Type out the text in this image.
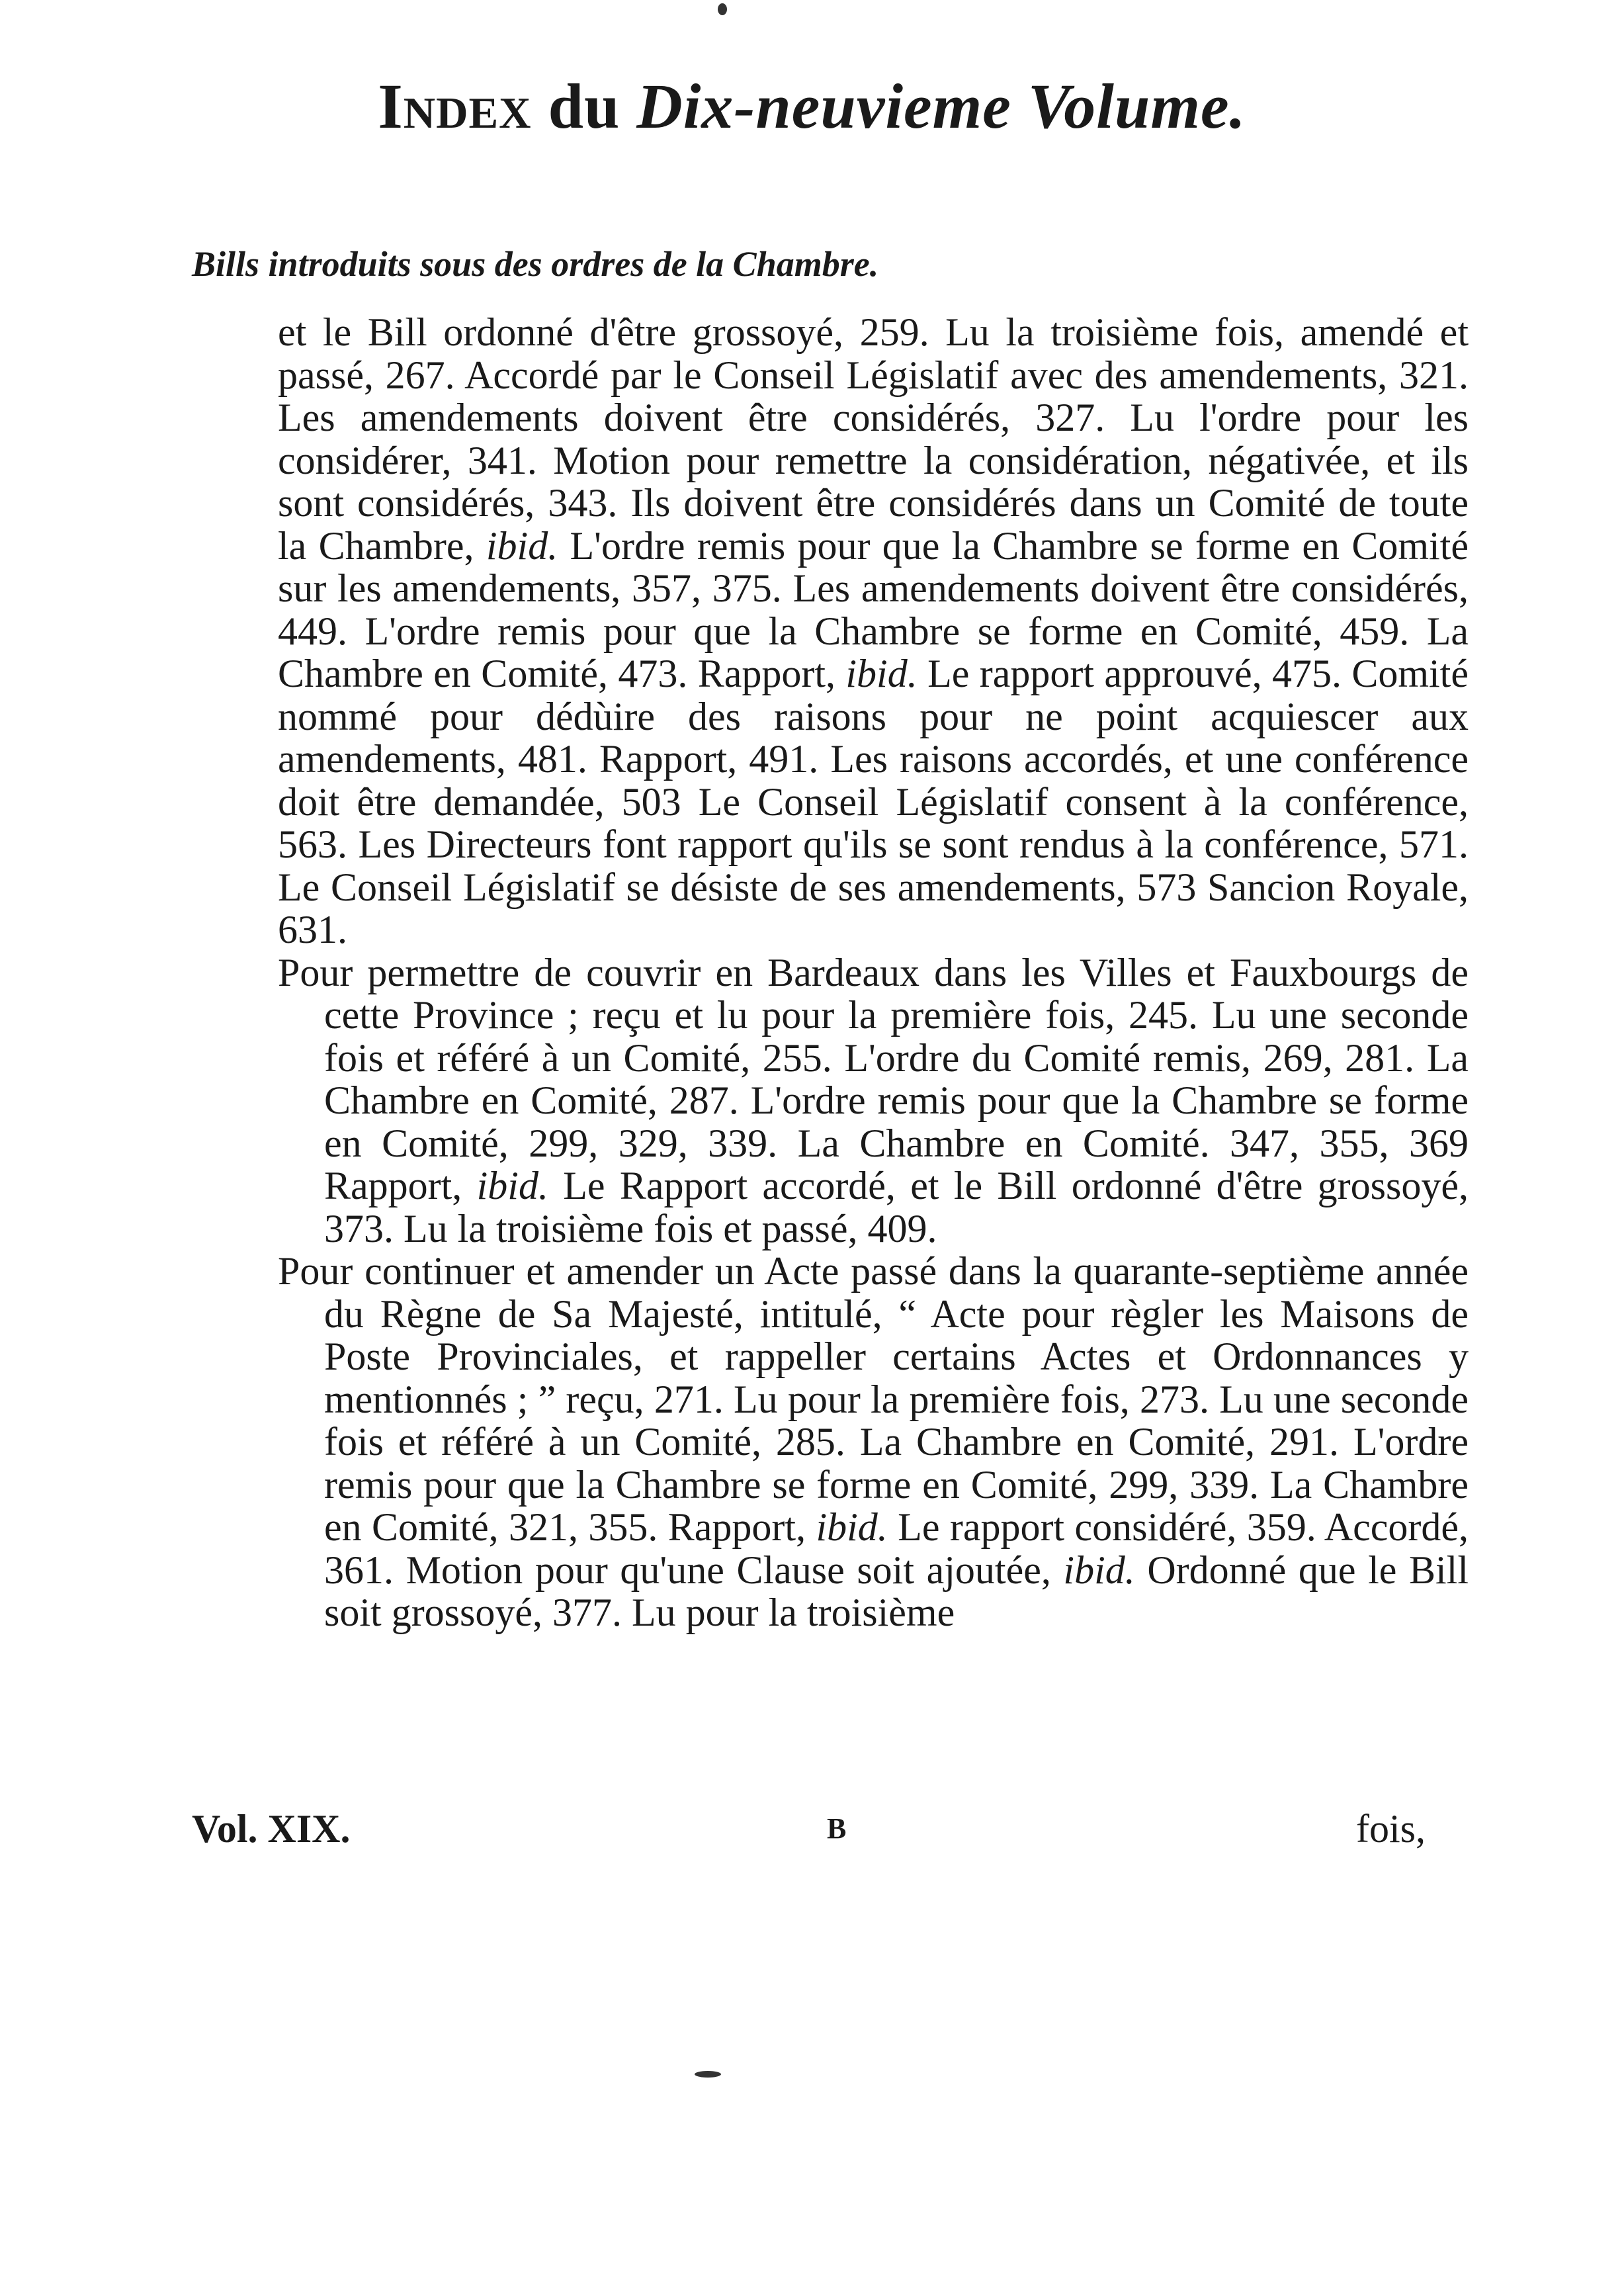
Index du Dix-neuvieme Volume.
Bills introduits sous des ordres de la Chambre.

et le Bill ordonné d'être grossoyé, 259. Lu la troisième fois, amendé et passé, 267. Accordé par le Conseil Législatif avec des amendements, 321. Les amendements doivent être considérés, 327. Lu l'ordre pour les considérer, 341. Motion pour remettre la considération, négativée, et ils sont considérés, 343. Ils doivent être considérés dans un Comité de toute la Chambre, ibid. L'ordre remis pour que la Chambre se forme en Comité sur les amendements, 357, 375. Les amendements doivent être considérés, 449. L'ordre remis pour que la Chambre se forme en Comité, 459. La Chambre en Comité, 473. Rapport, ibid. Le rapport approuvé, 475. Comité nommé pour dédùire des raisons pour ne point acquiescer aux amendements, 481. Rapport, 491. Les raisons accordés, et une conférence doit être demandée, 503 Le Conseil Législatif consent à la conférence, 563. Les Directeurs font rapport qu'ils se sont rendus à la conférence, 571. Le Conseil Législatif se désiste de ses amendements, 573 Sancion Royale, 631.

Pour permettre de couvrir en Bardeaux dans les Villes et Fauxbourgs de cette Province ; reçu et lu pour la première fois, 245. Lu une seconde fois et référé à un Comité, 255. L'ordre du Comité remis, 269, 281. La Chambre en Comité, 287. L'ordre remis pour que la Chambre se forme en Comité, 299, 329, 339. La Chambre en Comité. 347, 355, 369 Rapport, ibid. Le Rapport accordé, et le Bill ordonné d'être grossoyé, 373. Lu la troisième fois et passé, 409.

Pour continuer et amender un Acte passé dans la quarante-septième année du Règne de Sa Majesté, intitulé, “ Acte pour règler les Maisons de Poste Provinciales, et rappeller certains Actes et Ordonnances y mentionnés ; ” reçu, 271. Lu pour la première fois, 273. Lu une seconde fois et référé à un Comité, 285. La Chambre en Comité, 291. L'ordre remis pour que la Chambre se forme en Comité, 299, 339. La Chambre en Comité, 321, 355. Rapport, ibid. Le rapport considéré, 359. Accordé, 361. Motion pour qu'une Clause soit ajoutée, ibid. Ordonné que le Bill soit grossoyé, 377. Lu pour la troisième

Vol. XIX.	B	fois,
